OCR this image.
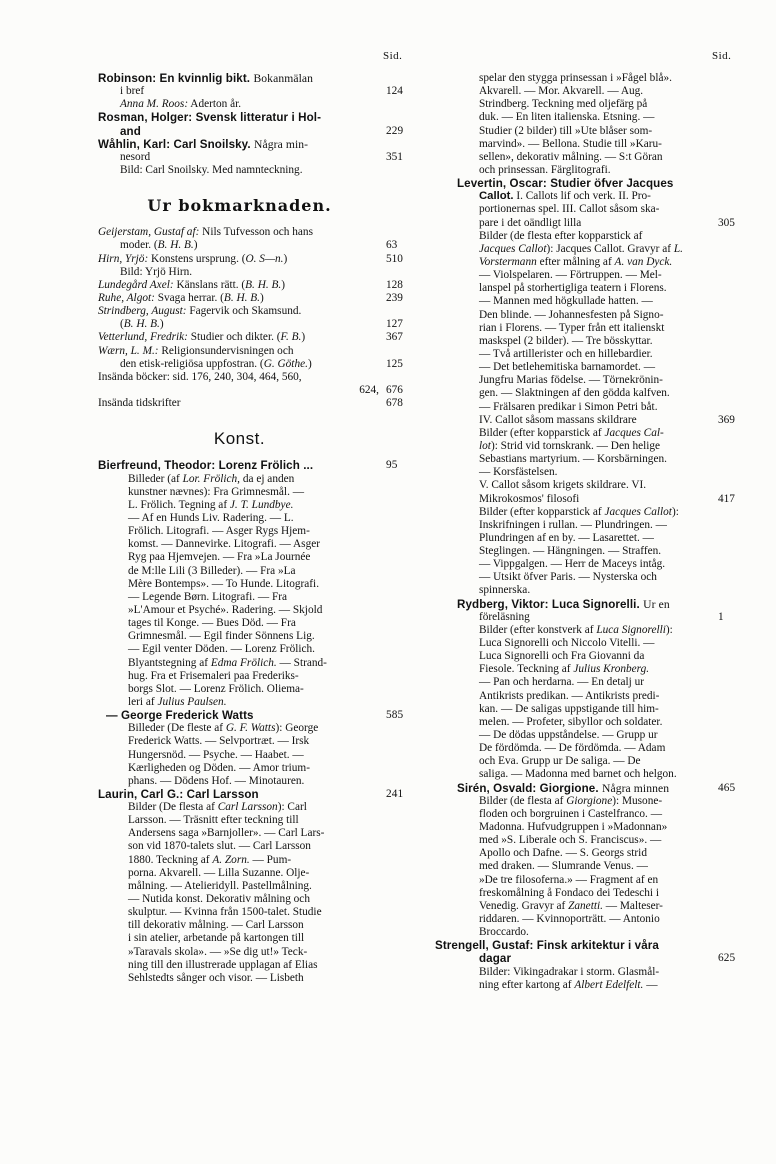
Sid.	Sid.
Robinson: En kvinnlig bikt. Bokanmälan
i bref	124
Anna M. Roos: Aderton år.
Rosman, Holger: Svensk litteratur i Hol-
and	229
Wåhlin, Karl: Carl Snoilsky. Några min-
nesord	351
Bild: Carl Snoilsky. Med namnteckning.
Ur bokmarknaden.
Geijerstam, Gustaf af: Nils Tufvesson och hans
moder. (B. H. B.)	63
Hirn, Yrjö: Konstens ursprung. (O. S—n.)	510
Bild: Yrjö Hirn.
Lundegård Axel: Känslans rätt. (B. H. B.)	128
Ruhe, Algot: Svaga herrar. (B. H. B.)	239
Strindberg, August: Fagervik och Skamsund.
(B. H. B.)	127
Vetterlund, Fredrik: Studier och dikter. (F. B.)	367
Wærn, L. M.: Religionsundervisningen och
den etisk-religiösa uppfostran. (G. Göthe.)	125
Insända böcker: sid. 176, 240, 304, 464, 560,
624, 676
Insända tidskrifter	678
Konst.
Bierfreund, Theodor: Lorenz Frölich ...	95
Billeder (af Lor. Frölich, da ej anden
kunstner nævnes): Fra Grimnesmål. —
L. Frölich. Tegning af J. T. Lundbye.
— Af en Hunds Liv. Radering. — L.
Frölich. Litografi. — Asger Rygs Hjem-
komst. — Dannevirke. Litografi. — Asger
Ryg paa Hjemvejen. — Fra »La Journée
de M:lle Lili (3 Billeder). — Fra »La
Mère Bontemps». — To Hunde. Litografi.
— Legende Børn. Litografi. — Fra
»L'Amour et Psyché». Radering. — Skjold
tages til Konge. — Bues Död. — Fra
Grimnesmål. — Egil finder Sönnens Lig.
— Egil venter Döden. — Lorenz Frölich.
Blyantstegning af Edma Frölich. — Strand-
hug. Fra et Frisemaleri paa Frederiks-
borgs Slot. — Lorenz Frölich. Oliema-
leri af Julius Paulsen.
— George Frederick Watts	585
Billeder (De fleste af G. F. Watts): George
Frederick Watts. — Selvportræt. — Irsk
Hungersnöd. — Psyche. — Haabet. —
Kærligheden og Döden. — Amor trium-
phans. — Dödens Hof. — Minotauren.
Laurin, Carl G.: Carl Larsson	241
Bilder (De flesta af Carl Larsson): Carl
Larsson. — Träsnitt efter teckning till
Andersens saga »Barnjoller». — Carl Lars-
son vid 1870-talets slut. — Carl Larsson
1880. Teckning af A. Zorn. — Pum-
porna. Akvarell. — Lilla Suzanne. Olje-
målning. — Atelieridyll. Pastellmålning.
— Nutida konst. Dekorativ målning och
skulptur. — Kvinna från 1500-talet. Studie
till dekorativ målning. — Carl Larsson
i sin atelier, arbetande på kartongen till
»Taravals skola». — »Se dig ut!» Teck-
ning till den illustrerade upplagan af Elias
Sehlstedts sånger och visor. — Lisbeth
spelar den stygga prinsessan i »Fågel blå».
Akvarell. — Mor. Akvarell. — Aug.
Strindberg. Teckning med oljefärg på
duk. — En liten italienska. Etsning. —
Studier (2 bilder) till »Ute blåser som-
marvind». — Bellona. Studie till »Karu-
sellen», dekorativ målning. — S:t Göran
och prinsessan. Färglitografi.
Levertin, Oscar: Studier öfver Jacques
Callot. I. Callots lif och verk. II. Pro-
portionernas spel. III. Callot såsom ska-
pare i det oändligt lilla	305
Bilder (de flesta efter kopparstick af
Jacques Callot): Jacques Callot. Gravyr af L.
Vorstermann efter målning af A. van Dyck.
— Violspelaren. — Förtruppen. — Mel-
lanspel på storhertigliga teatern i Florens.
— Mannen med högkullade hatten. —
Den blinde. — Johannesfesten på Signo-
rian i Florens. — Typer från ett italienskt
maskspel (2 bilder). — Tre bösskyttar.
— Två artillerister och en hillebardier.
— Det betlehemitiska barnamordet. —
Jungfru Marias födelse. — Törnekrönin-
gen. — Slaktningen af den gödda kalfven.
— Frälsaren predikar i Simon Petri båt.
IV. Callot såsom massans skildrare	369
Bilder (efter kopparstick af Jacques Cal-
lot): Strid vid tornskrank. — Den helige
Sebastians martyrium. — Korsbärningen.
— Korsfästelsen.
V. Callot såsom krigets skildrare. VI.
Mikrokosmos' filosofi	417
Bilder (efter kopparstick af Jacques Callot):
Inskrifningen i rullan. — Plundringen. —
Plundringen af en by. — Lasarettet. —
Steglingen. — Hängningen. — Straffen.
— Vippgalgen. — Herr de Maceys intåg.
— Utsikt öfver Paris. — Nysterska och
spinnerska.
Rydberg, Viktor: Luca Signorelli. Ur en
föreläsning	1
Bilder (efter konstverk af Luca Signorelli):
Luca Signorelli och Niccolo Vitelli. —
Luca Signorelli och Fra Giovanni da
Fiesole. Teckning af Julius Kronberg.
— Pan och herdarna. — En detalj ur
Antikrists predikan. — Antikrists predi-
kan. — De saligas uppstigande till him-
melen. — Profeter, sibyllor och soldater.
— De dödas uppståndelse. — Grupp ur
De fördömda. — De fördömda. — Adam
och Eva. Grupp ur De saliga. — De
saliga. — Madonna med barnet och helgon.
Sirén, Osvald: Giorgione. Några minnen	465
Bilder (de flesta af Giorgione): Musone-
floden och borgruinen i Castelfranco. —
Madonna. Hufvudgruppen i »Madonnan»
med »S. Liberale och S. Franciscus». —
Apollo och Dafne. — S. Georgs strid
med draken. — Slumrande Venus. —
»De tre filosoferna.» — Fragment af en
freskomålning å Fondaco dei Tedeschi i
Venedig. Gravyr af Zanetti. — Malteser-
riddaren. — Kvinnoporträtt. — Antonio
Broccardo.
Strengell, Gustaf: Finsk arkitektur i våra
dagar	625
Bilder: Vikingadrakar i storm. Glasmål-
ning efter kartong af Albert Edelfelt. —
